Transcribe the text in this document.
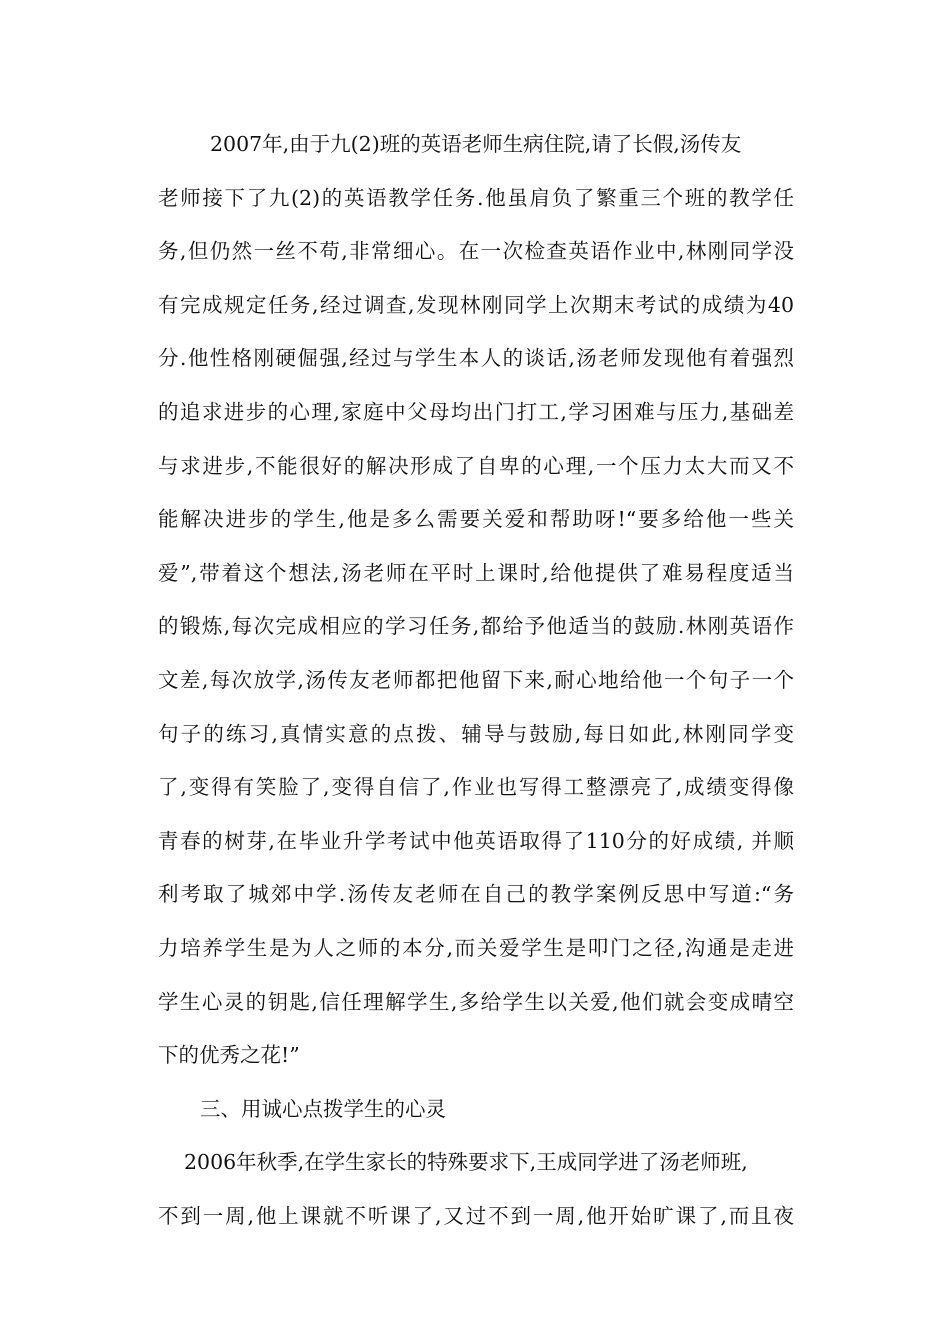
2007年,由于九(2)班的英语老师生病住院,请了长假,汤传友
老师接下了九(2)的英语教学任务.他虽肩负了繁重三个班的教学任
务,但仍然一丝不苟,非常细心。在一次检查英语作业中,林刚同学没
有完成规定任务,经过调查,发现林刚同学上次期末考试的成绩为40
分.他性格刚硬倔强,经过与学生本人的谈话,汤老师发现他有着强烈
的追求进步的心理,家庭中父母均出门打工,学习困难与压力,基础差
与求进步,不能很好的解决形成了自卑的心理,一个压力太大而又不
能解决进步的学生,他是多么需要关爱和帮助呀!“要多给他一些关
爱”,带着这个想法,汤老师在平时上课时,给他提供了难易程度适当
的锻炼,每次完成相应的学习任务,都给予他适当的鼓励.林刚英语作
文差,每次放学,汤传友老师都把他留下来,耐心地给他一个句子一个
句子的练习,真情实意的点拨、辅导与鼓励,每日如此,林刚同学变
了,变得有笑脸了,变得自信了,作业也写得工整漂亮了,成绩变得像
青春的树芽,在毕业升学考试中他英语取得了110分的好成绩, 并顺
利考取了城郊中学.汤传友老师在自己的教学案例反思中写道:“务
力培养学生是为人之师的本分,而关爱学生是叩门之径,沟通是走进
学生心灵的钥匙,信任理解学生,多给学生以关爱,他们就会变成晴空
下的优秀之花!”
三、用诚心点拨学生的心灵
2006年秋季,在学生家长的特殊要求下,王成同学进了汤老师班,
不到一周,他上课就不听课了,又过不到一周,他开始旷课了,而且夜
